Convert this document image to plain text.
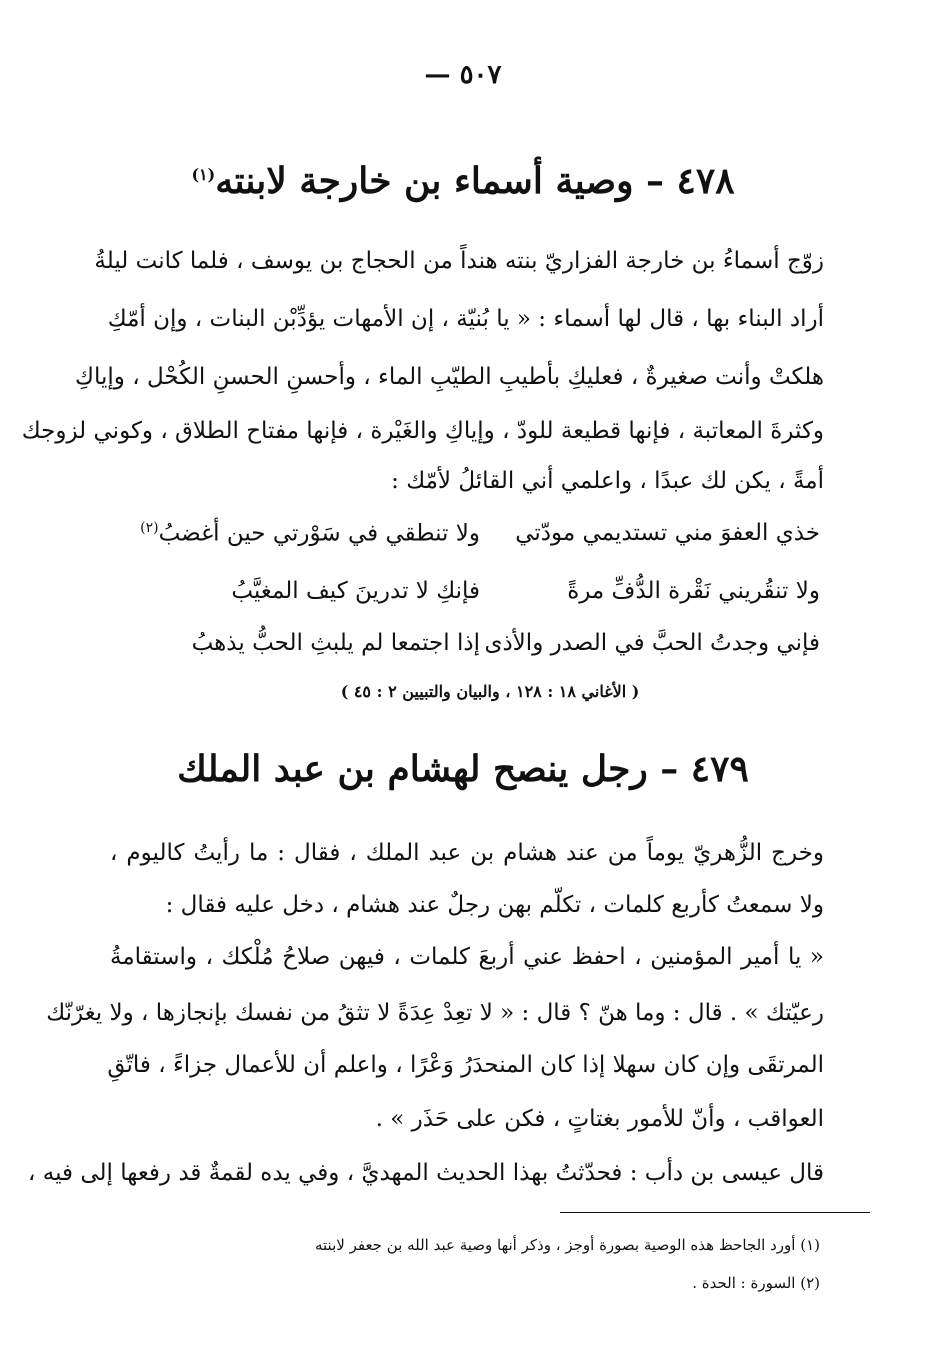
— ٥٠٧
٤٧٨ – وصية أسماء بن خارجة لابنته$^{(١)}$
زوّج أسماءُ بن خارجة الفزاريّ بنته هنداً من الحجاج بن يوسف ، فلما كانت ليلةُ
أراد البناء بها ، قال لها أسماء : « يا بُنيّة ، إن الأمهات يؤدِّبْن البنات ، وإن أمّكِ
هلكتْ وأنت صغيرةٌ ، فعليكِ بأطيبِ الطيّبِ الماء ، وأحسنِ الحسنِ الكُحْل ، وإياكِ
وكثرةَ المعاتبة ، فإنها قطيعة للودّ ، وإياكِ والغَيْرة ، فإنها مفتاح الطلاق ، وكوني لزوجك
أمةً ، يكن لك عبدًا ، واعلمي أني القائلُ لأمّك :
خذي العفوَ مني تستديمي مودّتي
ولا تنطقي في سَوْرتي حين أغضبُ$^{(٢)}$
ولا تنقُريني نَقْرة الدُّفِّ مرةً
فإنكِ لا تدرينَ كيف المغيَّبُ
فإني وجدتُ الحبَّ في الصدر والأذى
إذا اجتمعا لم يلبثِ الحبُّ يذهبُ
( الأغاني ١٨ : ١٢٨ ، والبيان والتبيين ٢ : ٤٥ )
٤٧٩ – رجل ينصح لهشام بن عبد الملك
وخرج الزُّهريّ يوماً من عند هشام بن عبد الملك ، فقال : ما رأيتُ كاليوم ،
ولا سمعتُ كأربع كلمات ، تكلّم بهن رجلٌ عند هشام ، دخل عليه فقال :
« يا أمير المؤمنين ، احفظ عني أربعَ كلمات ، فيهن صلاحُ مُلْكك ، واستقامةُ
رعيّتك » . قال : وما هنّ ؟ قال : « لا تعِدْ عِدَةً لا تثقُ من نفسك بإنجازها ، ولا يغرّنّك
المرتقَى وإن كان سهلا إذا كان المنحدَرُ وَعْرًا ، واعلم أن للأعمال جزاءً ، فاتّقِ
العواقب ، وأنّ للأمور بغتاتٍ ، فكن على حَذَر » .
قال عيسى بن دأب : فحدّثتُ بهذا الحديث المهديَّ ، وفي يده لقمةٌ قد رفعها إلى فيه ،
(١) أورد الجاحظ هذه الوصية بصورة أوجز ، وذكر أنها وصية عبد الله بن جعفر لابنته
(٢) السورة : الحدة .
